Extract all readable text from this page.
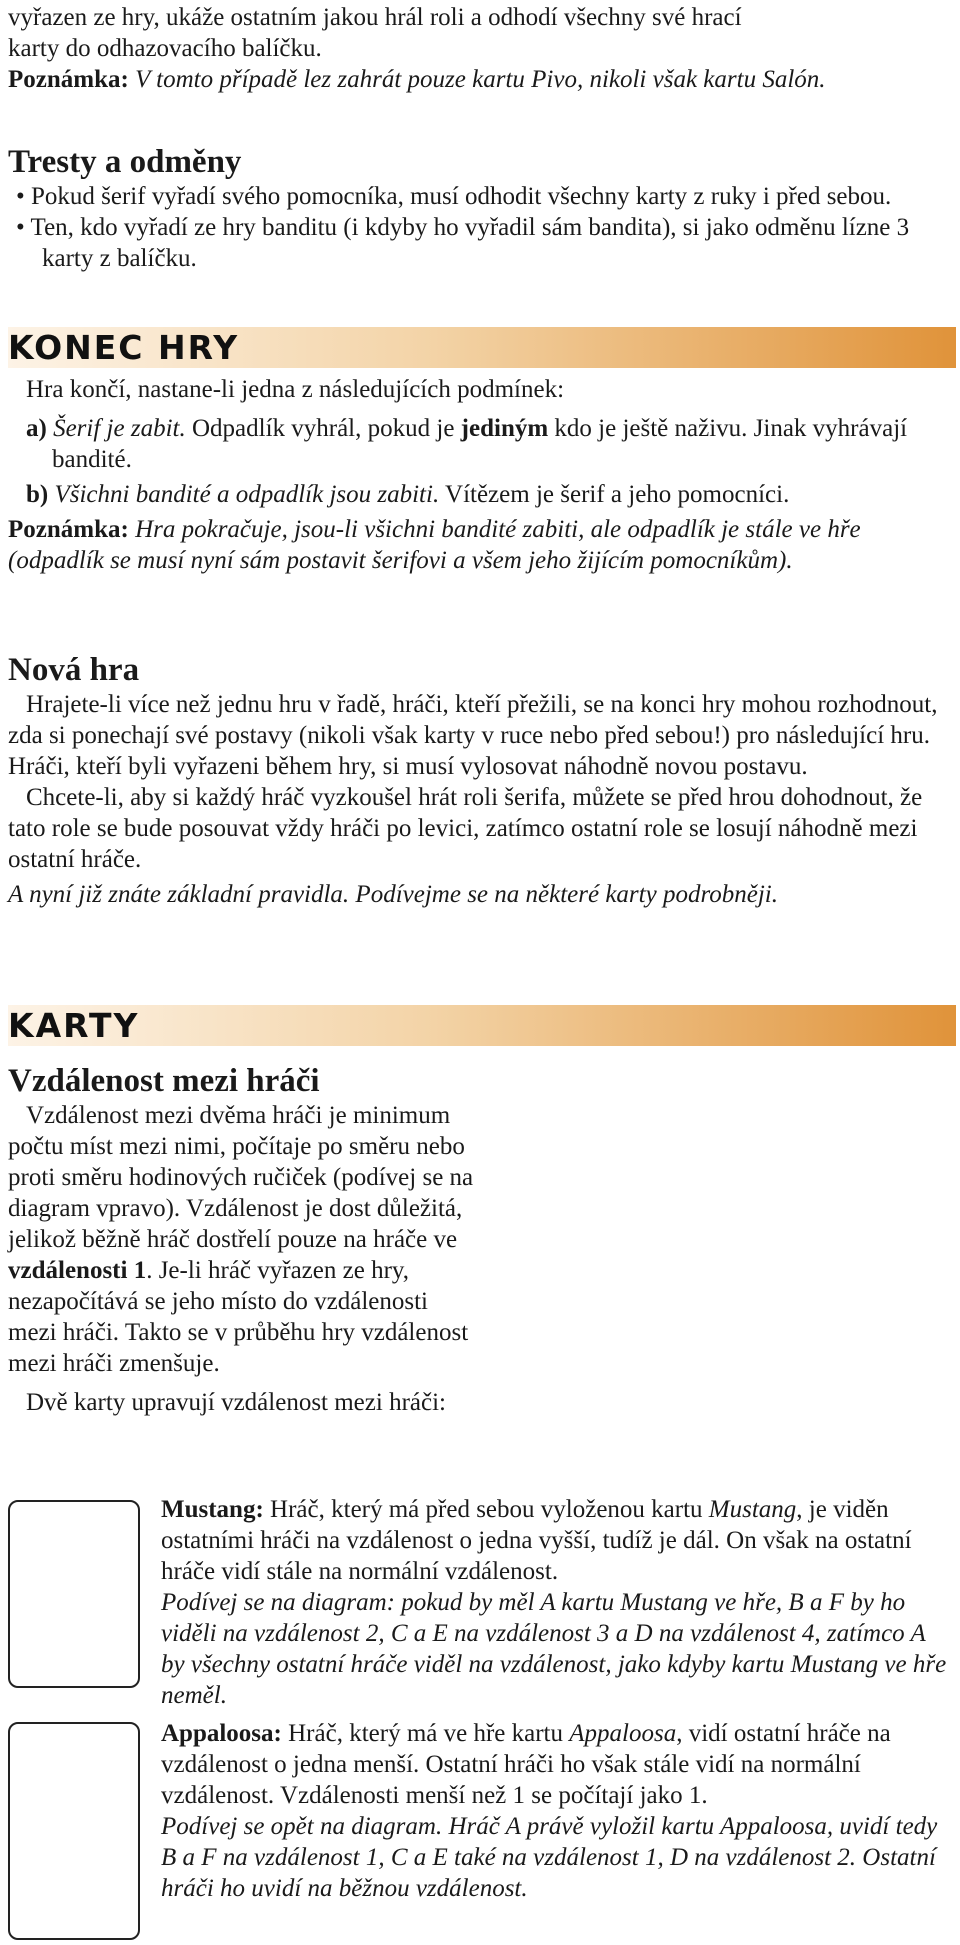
vyřazen ze hry, ukáže ostatním jakou hrál roli a odhodí všechny své hrací

karty do odhazovacího balíčku.

Poznámka: V tomto případě lez zahrát pouze kartu Pivo, nikoli však kartu Salón.

Tresty a odměny

• Pokud šerif vyřadí svého pomocníka, musí odhodit všechny karty z ruky i před sebou.

• Ten, kdo vyřadí ze hry banditu (i kdyby ho vyřadil sám bandita), si jako odměnu lízne 3 karty z balíčku.

KONEC HRY

Hra končí, nastane-li jedna z následujících podmínek:

a) Šerif je zabit. Odpadlík vyhrál, pokud je jediným kdo je ještě naživu. Jinak vyhrávají bandité.

b) Všichni bandité a odpadlík jsou zabiti. Vítězem je šerif a jeho pomocníci.

Poznámka: Hra pokračuje, jsou-li všichni bandité zabiti, ale odpadlík je stále ve hře (odpadlík se musí nyní sám postavit šerifovi a všem jeho žijícím pomocníkům).

Nová hra

Hrajete-li více než jednu hru v řadě, hráči, kteří přežili, se na konci hry mohou rozhodnout, zda si ponechají své postavy (nikoli však karty v ruce nebo před sebou!) pro následující hru. Hráči, kteří byli vyřazeni během hry, si musí vylosovat náhodně novou postavu.

Chcete-li, aby si každý hráč vyzkoušel hrát roli šerifa, můžete se před hrou dohodnout, že tato role se bude posouvat vždy hráči po levici, zatímco ostatní role se losují náhodně mezi ostatní hráče.

A nyní již znáte základní pravidla. Podívejme se na některé karty podrobněji.

KARTY

Vzdálenost mezi hráči

Vzdálenost mezi dvěma hráči je minimum počtu míst mezi nimi, počítaje po směru nebo proti směru hodinových ručiček (podívej se na diagram vpravo). Vzdálenost je dost důležitá, jelikož běžně hráč dostřelí pouze na hráče ve vzdálenosti 1. Je-li hráč vyřazen ze hry, nezapočítává se jeho místo do vzdálenosti mezi hráči. Takto se v průběhu hry vzdálenost mezi hráči zmenšuje.

Dvě karty upravují vzdálenost mezi hráči:

Mustang: Hráč, který má před sebou vyloženou kartu Mustang, je viděn ostatními hráči na vzdálenost o jedna vyšší, tudíž je dál. On však na ostatní hráče vidí stále na normální vzdálenost.

Podívej se na diagram: pokud by měl A kartu Mustang ve hře, B a F by ho viděli na vzdálenost 2, C a E na vzdálenost 3 a D na vzdálenost 4, zatímco A by všechny ostatní hráče viděl na vzdálenost, jako kdyby kartu Mustang ve hře neměl.

Appaloosa: Hráč, který má ve hře kartu Appaloosa, vidí ostatní hráče na vzdálenost o jedna menší. Ostatní hráči ho však stále vidí na normální vzdálenost. Vzdálenosti menší než 1 se počítají jako 1.

Podívej se opět na diagram. Hráč A právě vyložil kartu Appaloosa, uvidí tedy B a F na vzdálenost 1, C a E také na vzdálenost 1, D na vzdálenost 2. Ostatní hráči ho uvidí na běžnou vzdálenost.
